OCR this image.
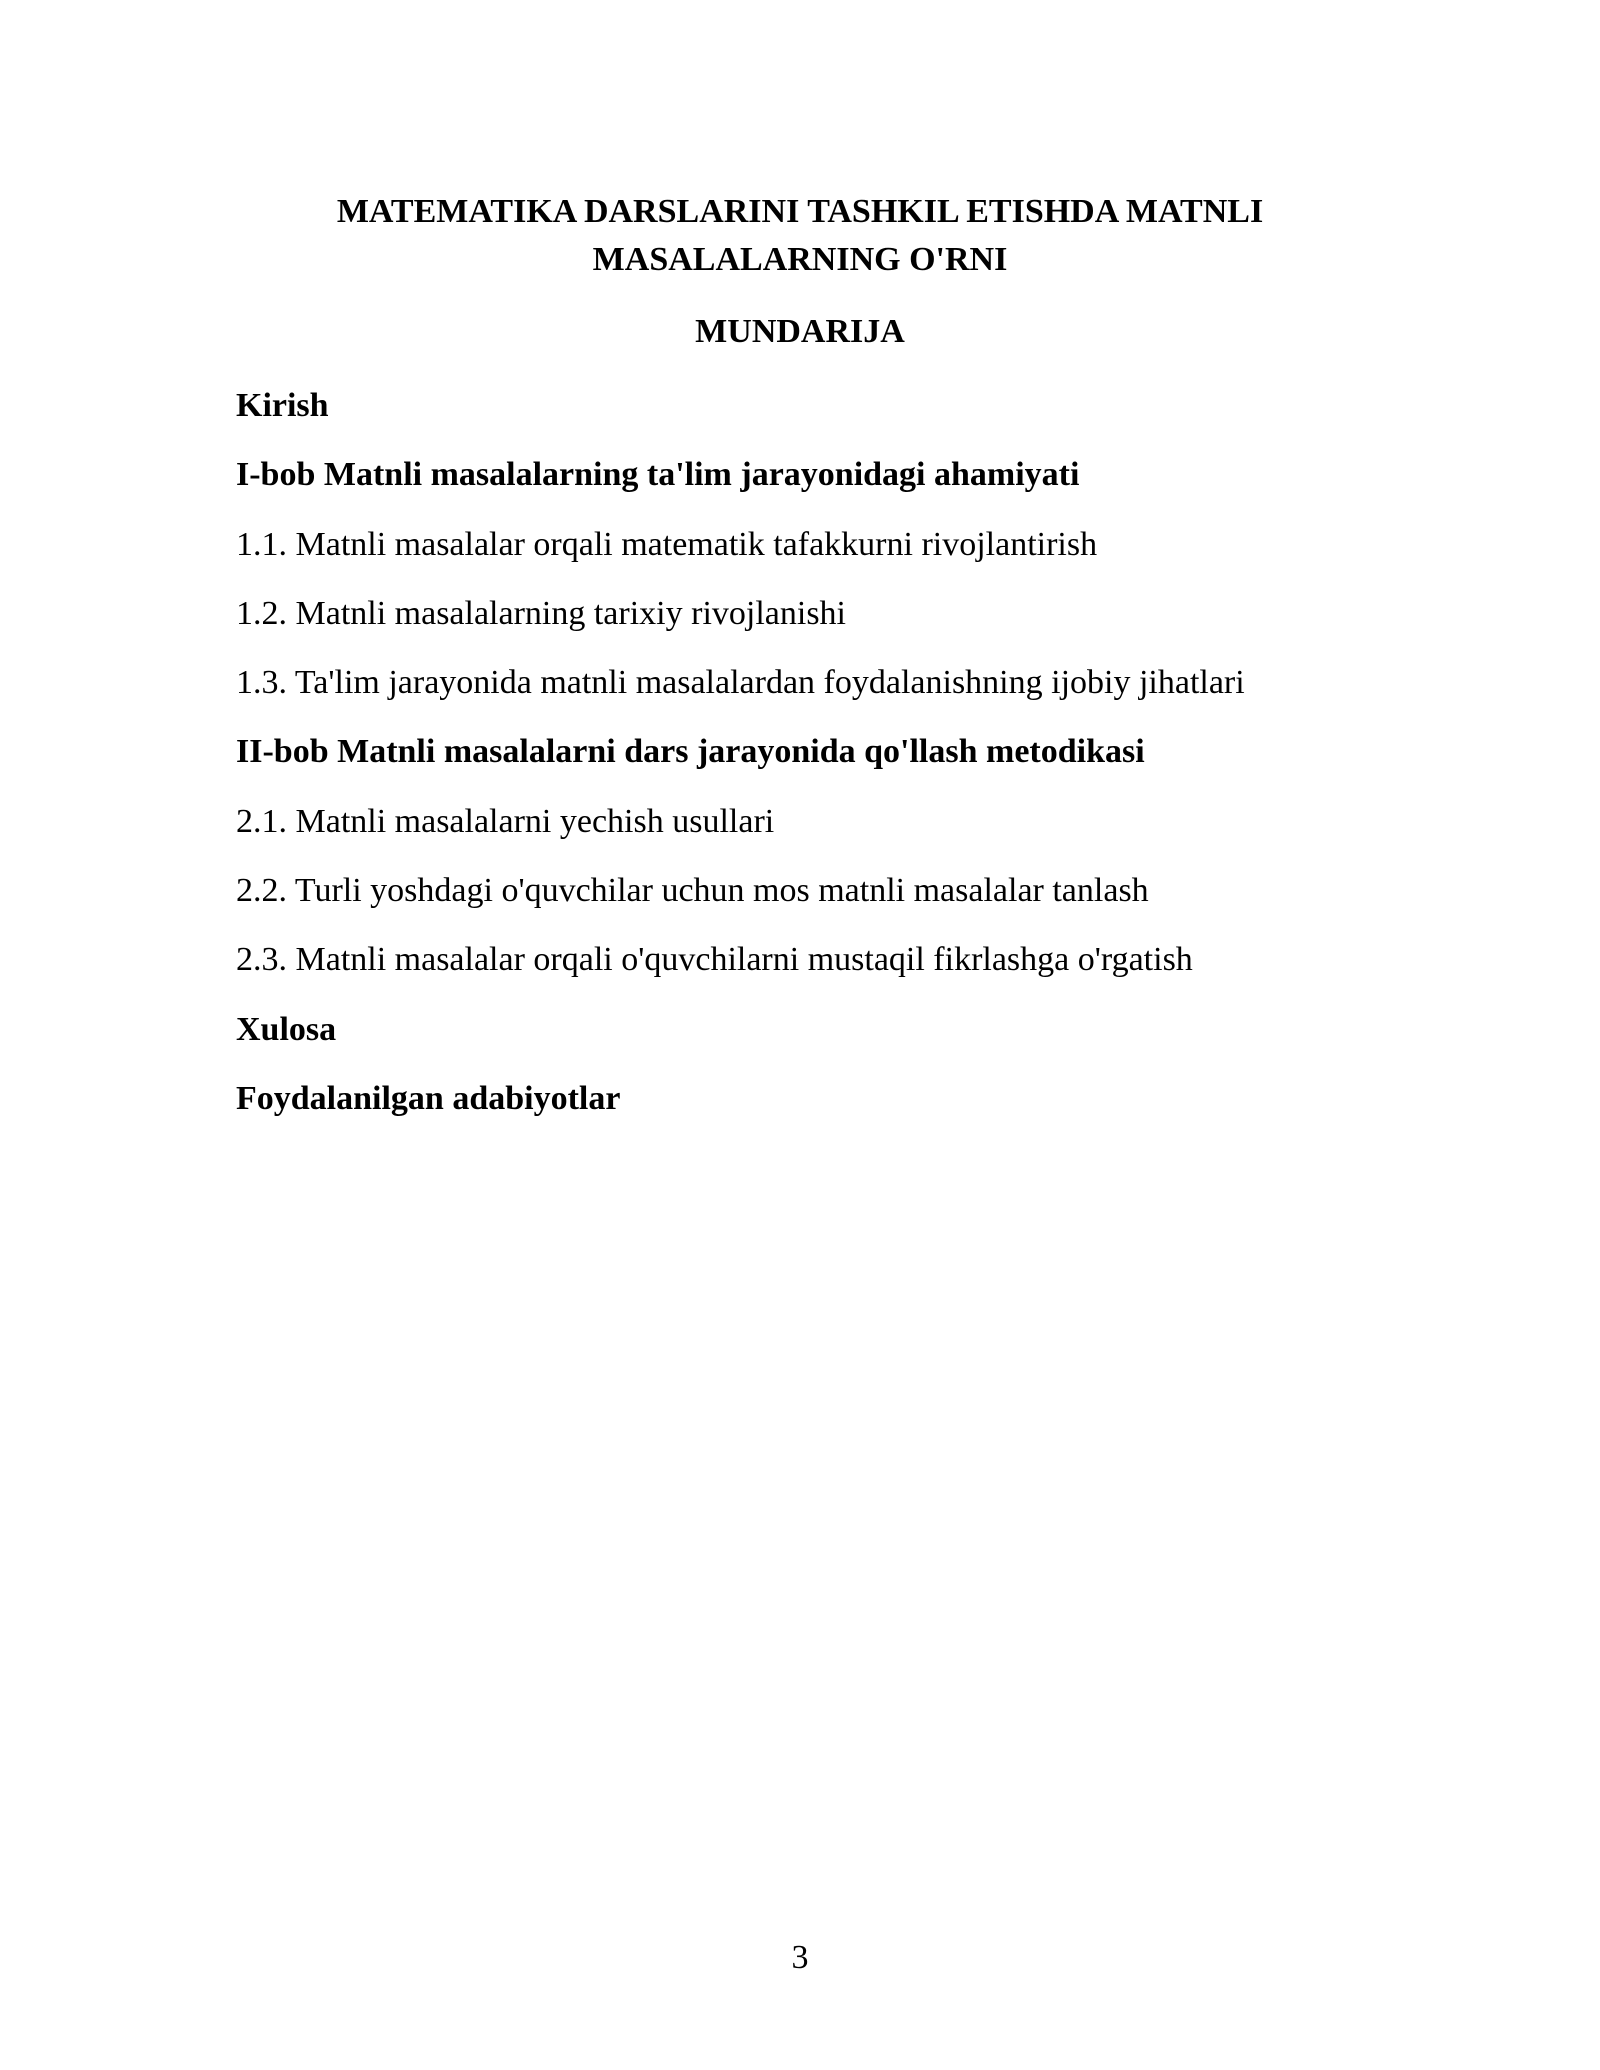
MATEMATIKA DARSLARINI TASHKIL ETISHDA MATNLI
MASALALARNING O'RNI
MUNDARIJA
Kirish
I-bob Matnli masalalarning ta'lim jarayonidagi ahamiyati
1.1. Matnli masalalar orqali matematik tafakkurni rivojlantirish
1.2. Matnli masalalarning tarixiy rivojlanishi
1.3. Ta'lim jarayonida matnli masalalardan foydalanishning ijobiy jihatlari
II-bob Matnli masalalarni dars jarayonida qo'llash metodikasi
2.1. Matnli masalalarni yechish usullari
2.2. Turli yoshdagi o'quvchilar uchun mos matnli masalalar tanlash
2.3. Matnli masalalar orqali o'quvchilarni mustaqil fikrlashga o'rgatish
Xulosa
Foydalanilgan adabiyotlar
3
